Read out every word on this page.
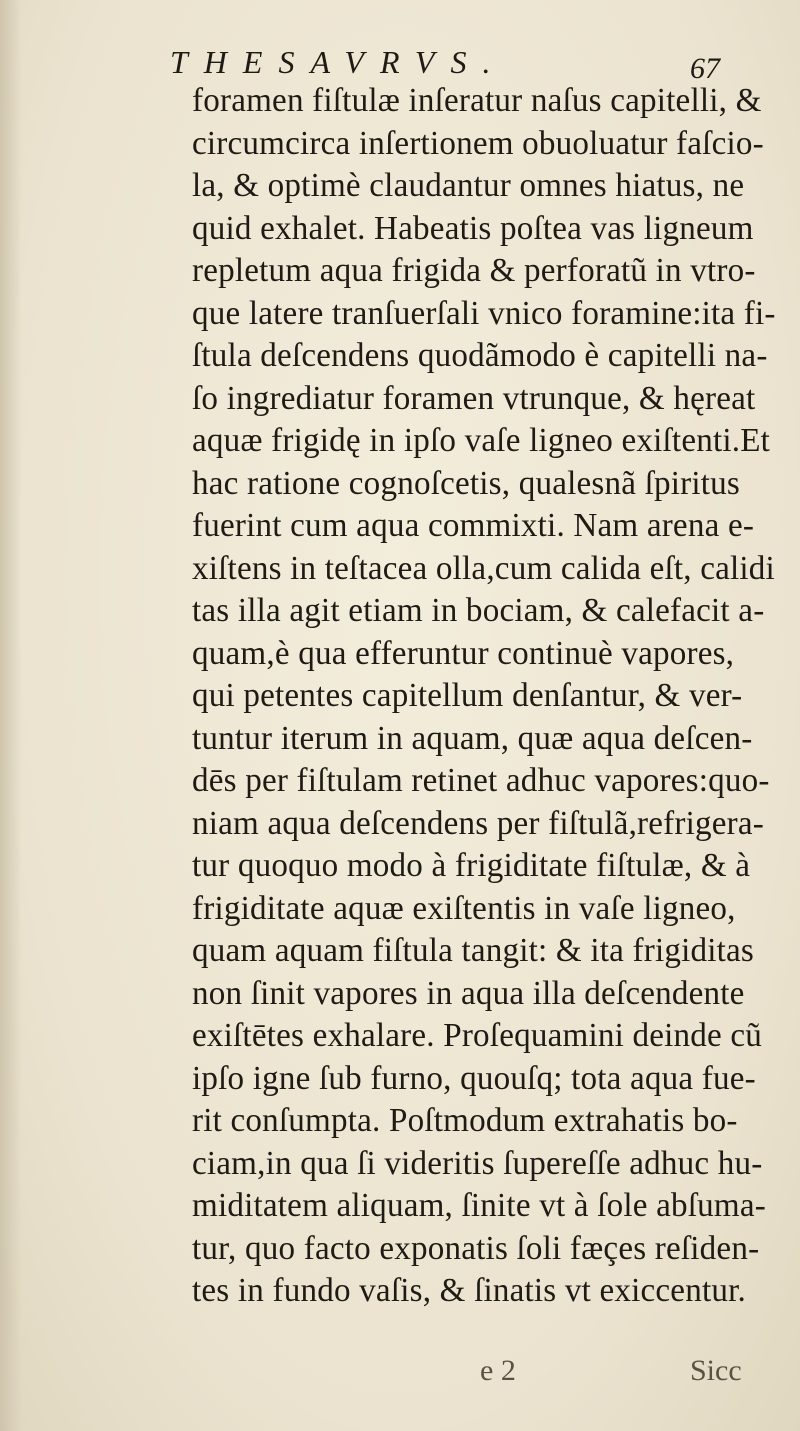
THESAVRVS.	67
foramen fiſtulæ inſeratur naſus capitelli, &
circumcirca inſertionem obuoluatur faſcio-
la, & optimè claudantur omnes hiatus, ne
quid exhalet. Habeatis poſtea vas ligneum
repletum aqua frigida & perforatũ in vtro-
que latere tranſuerſali vnico foramine:ita fi-
ſtula deſcendens quodãmodo è capitelli na-
ſo ingrediatur foramen vtrunque, & hęreat
aquæ frigidę in ipſo vaſe ligneo exiſtenti.Et
hac ratione cognoſcetis, qualesnã ſpiritus
fuerint cum aqua commixti. Nam arena e-
xiſtens in teſtacea olla,cum calida eſt, calidi
tas illa agit etiam in bociam, & calefacit a-
quam,è qua efferuntur continuè vapores,
qui petentes capitellum denſantur, & ver-
tuntur iterum in aquam, quæ aqua deſcen-
dēs per fiſtulam retinet adhuc vapores:quo-
niam aqua deſcendens per fiſtulã,refrigera-
tur quoquo modo à frigiditate fiſtulæ, & à
frigiditate aquæ exiſtentis in vaſe ligneo,
quam aquam fiſtula tangit: & ita frigiditas
non ſinit vapores in aqua illa deſcendente
exiſtētes exhalare. Proſequamini deinde cũ
ipſo igne ſub furno, quouſq; tota aqua fue-
rit conſumpta. Poſtmodum extrahatis bo-
ciam,in qua ſi videritis ſupereſſe adhuc hu-
miditatem aliquam, ſinite vt à ſole abſuma-
tur, quo facto exponatis ſoli fæçes reſiden-
tes in fundo vaſis, & ſinatis vt exiccentur.
e 2	Sicc
